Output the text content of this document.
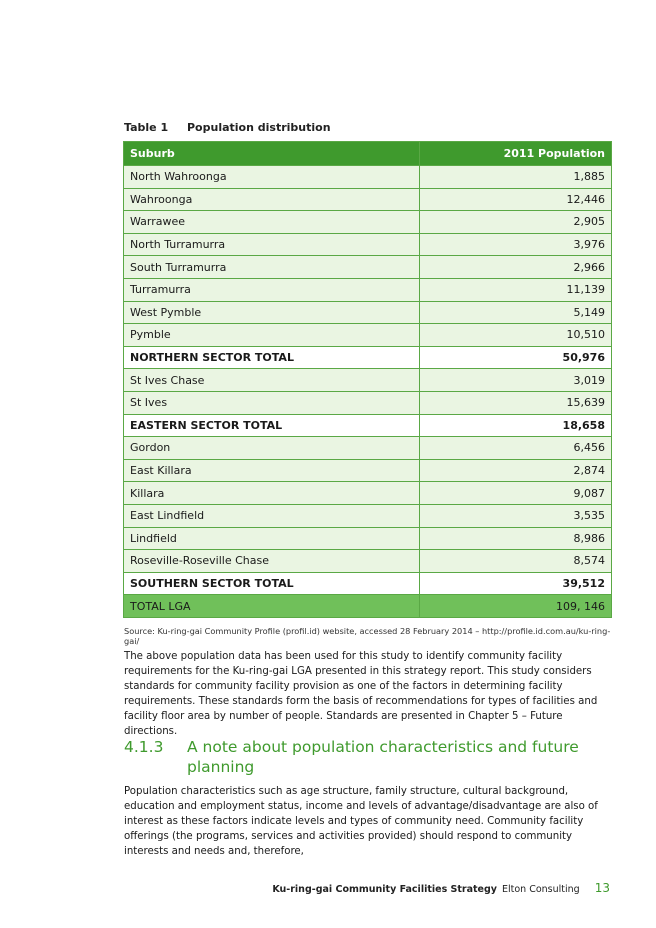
Table 1 Population distribution
Suburb	2011 Population
North Wahroonga	1,885
Wahroonga	12,446
Warrawee	2,905
North Turramurra	3,976
South Turramurra	2,966
Turramurra	11,139
West Pymble	5,149
Pymble	10,510
NORTHERN SECTOR TOTAL	50,976
St Ives Chase	3,019
St Ives	15,639
EASTERN SECTOR TOTAL	18,658
Gordon	6,456
East Killara	2,874
Killara	9,087
East Lindfield	3,535
Lindfield	8,986
Roseville-Roseville Chase	8,574
SOUTHERN SECTOR TOTAL	39,512
TOTAL LGA	109, 146
Source: Ku-ring-gai Community Profile (profil.id) website, accessed 28 February 2014 – http://profile.id.com.au/ku-ring-gai/

The above population data has been used for this study to identify community facility requirements for the Ku-ring-gai LGA presented in this strategy report. This study considers standards for community facility provision as one of the factors in determining facility requirements. These standards form the basis of recommendations for types of facilities and facility floor area by number of people. Standards are presented in Chapter 5 – Future directions.

4.1.3	A note about population characteristics and future planning

Population characteristics such as age structure, family structure, cultural background, education and employment status, income and levels of advantage/disadvantage are also of interest as these factors indicate levels and types of community need. Community facility offerings (the programs, services and activities provided) should respond to community interests and needs and, therefore,

Ku-ring-gai Community Facilities Strategy Elton Consulting 13
